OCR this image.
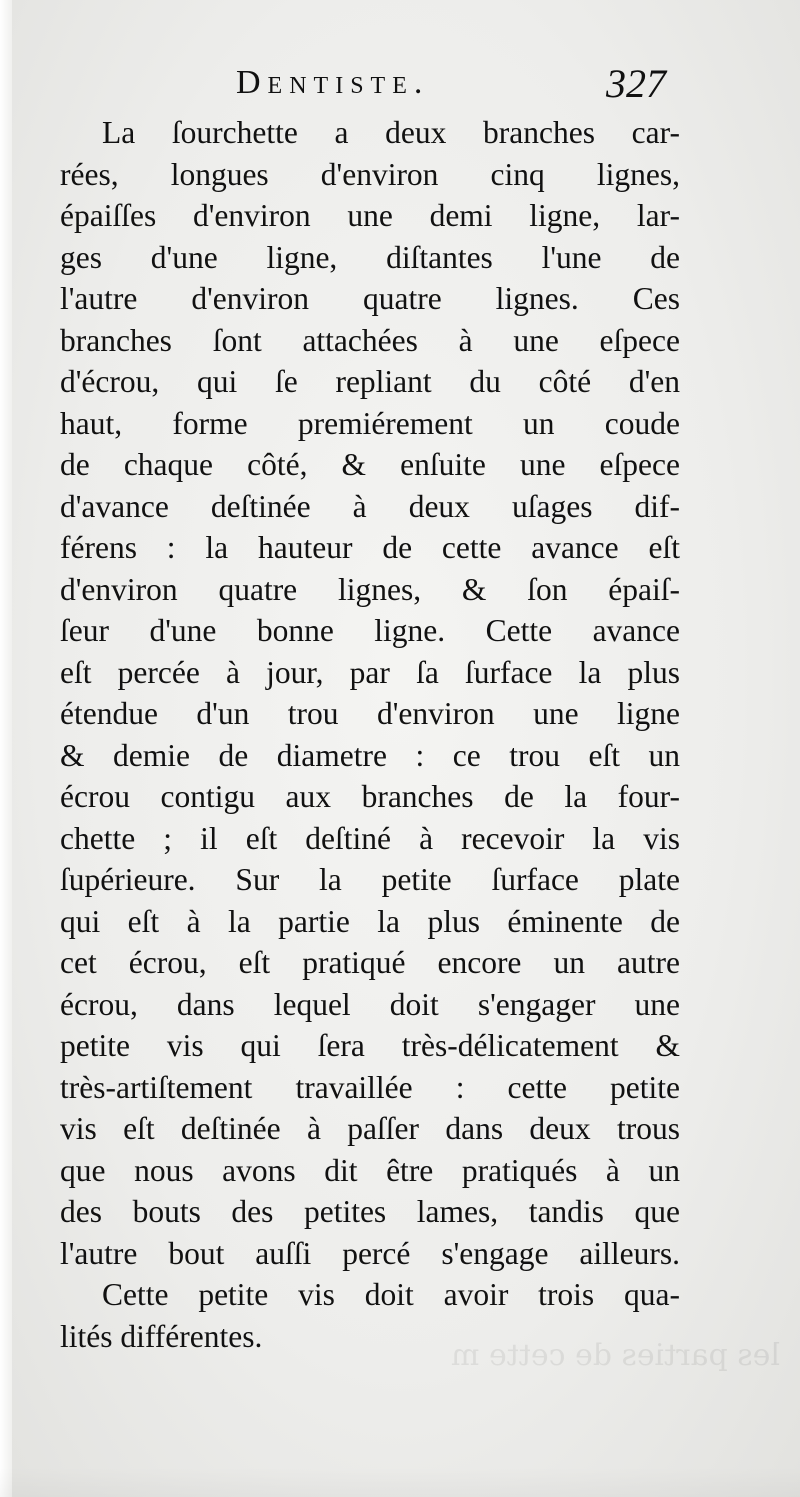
les parties de cette m
Dentiste.	327
La ſourchette a deux branches car-
rées, longues d'environ cinq lignes,
épaiſſes d'environ une demi ligne, lar-
ges d'une ligne, diſtantes l'une de
l'autre d'environ quatre lignes. Ces
branches ſont attachées à une eſpece
d'écrou, qui ſe repliant du côté d'en
haut, forme premiérement un coude
de chaque côté, & enſuite une eſpece
d'avance deſtinée à deux uſages dif-
férens : la hauteur de cette avance eſt
d'environ quatre lignes, & ſon épaiſ-
ſeur d'une bonne ligne. Cette avance
eſt percée à jour, par ſa ſurface la plus
étendue d'un trou d'environ une ligne
& demie de diametre : ce trou eſt un
écrou contigu aux branches de la four-
chette ; il eſt deſtiné à recevoir la vis
ſupérieure. Sur la petite ſurface plate
qui eſt à la partie la plus éminente de
cet écrou, eſt pratiqué encore un autre
écrou, dans lequel doit s'engager une
petite vis qui ſera très-délicatement &
très-artiſtement travaillée : cette petite
vis eſt deſtinée à paſſer dans deux trous
que nous avons dit être pratiqués à un
des bouts des petites lames, tandis que
l'autre bout auſſi percé s'engage ailleurs.
Cette petite vis doit avoir trois qua-
lités différentes.
